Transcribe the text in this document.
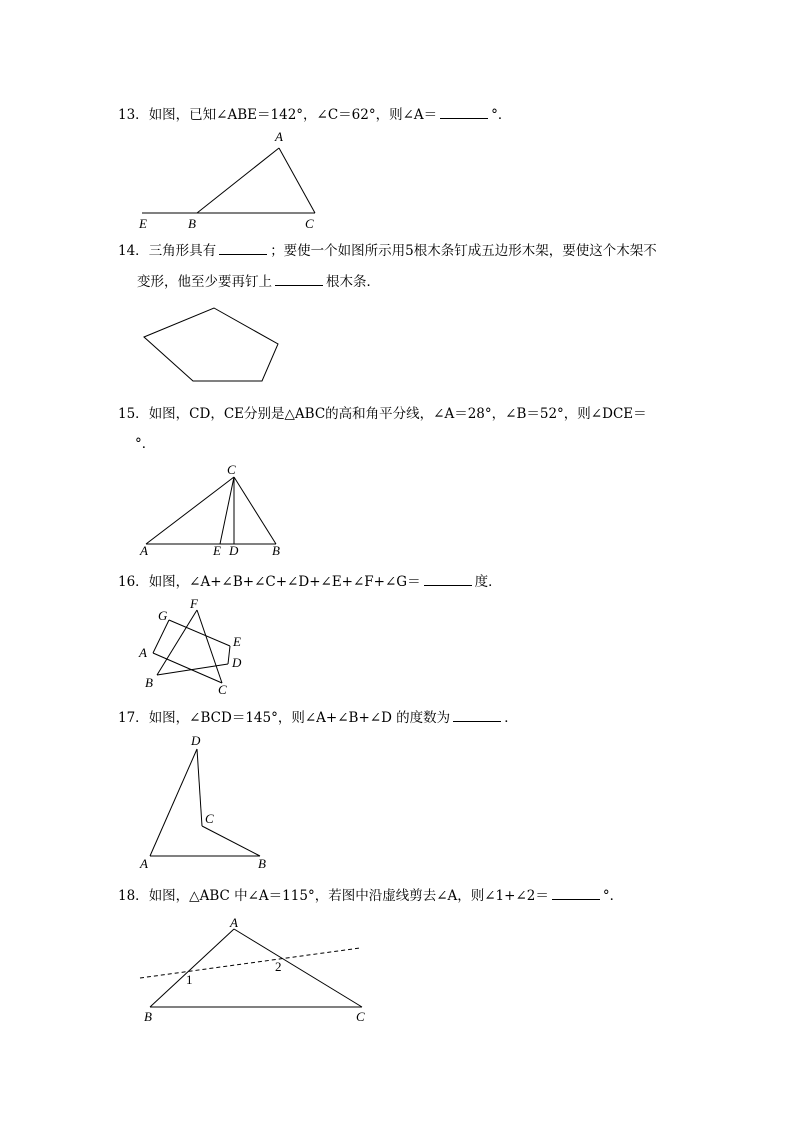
13．如图，已知∠ABE＝142°，∠C＝62°，则∠A＝	°．
A
E	B	C
14．三角形具有	；要使一个如图所示用5根木条钉成五边形木架，要使这个木架不
变形，他至少要再钉上	根木条．
15．如图，CD，CE分别是△ABC的高和角平分线，∠A＝28°，∠B＝52°，则∠DCE＝
°．
C
A	E D	B
16．如图，∠A+∠B+∠C+∠D+∠E+∠F+∠G＝	度．
F
G
E
A
D
B	C
17．如图，∠BCD＝145°，则∠A+∠B+∠D 的度数为	．
D
C
A	B
18．如图，△ABC 中∠A＝115°，若图中沿虚线剪去∠A，则∠1+∠2＝	°．
1
2
A
B	C
